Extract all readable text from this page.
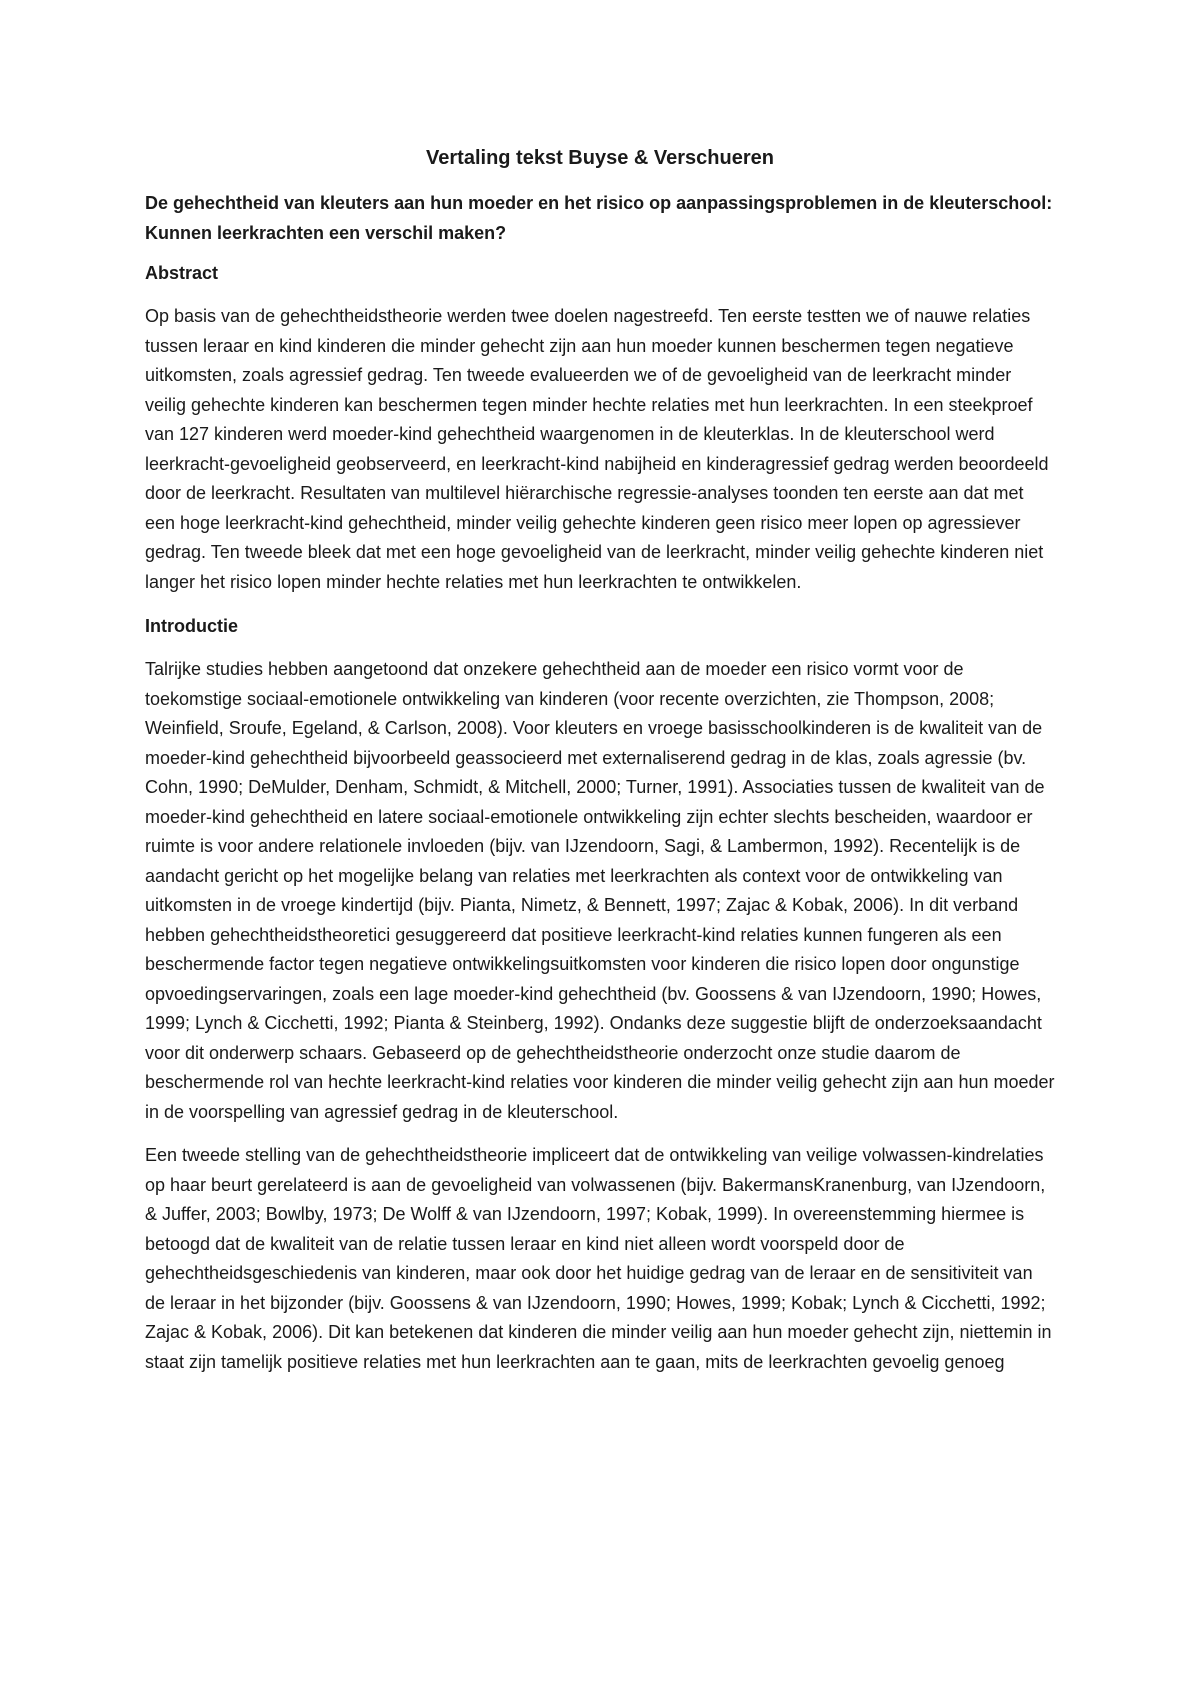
Vertaling tekst Buyse & Verschueren
De gehechtheid van kleuters aan hun moeder en het risico op aanpassingsproblemen in de kleuterschool: Kunnen leerkrachten een verschil maken?
Abstract

Op basis van de gehechtheidstheorie werden twee doelen nagestreefd. Ten eerste testten we of nauwe relaties tussen leraar en kind kinderen die minder gehecht zijn aan hun moeder kunnen beschermen tegen negatieve uitkomsten, zoals agressief gedrag. Ten tweede evalueerden we of de gevoeligheid van de leerkracht minder veilig gehechte kinderen kan beschermen tegen minder hechte relaties met hun leerkrachten. In een steekproef van 127 kinderen werd moeder-kind gehechtheid waargenomen in de kleuterklas. In de kleuterschool werd leerkracht-gevoeligheid geobserveerd, en leerkracht-kind nabijheid en kinderagressief gedrag werden beoordeeld door de leerkracht. Resultaten van multilevel hiërarchische regressie-analyses toonden ten eerste aan dat met een hoge leerkracht-kind gehechtheid, minder veilig gehechte kinderen geen risico meer lopen op agressiever gedrag. Ten tweede bleek dat met een hoge gevoeligheid van de leerkracht, minder veilig gehechte kinderen niet langer het risico lopen minder hechte relaties met hun leerkrachten te ontwikkelen.

Introductie

Talrijke studies hebben aangetoond dat onzekere gehechtheid aan de moeder een risico vormt voor de toekomstige sociaal-emotionele ontwikkeling van kinderen (voor recente overzichten, zie Thompson, 2008; Weinfield, Sroufe, Egeland, & Carlson, 2008). Voor kleuters en vroege basisschoolkinderen is de kwaliteit van de moeder-kind gehechtheid bijvoorbeeld geassocieerd met externaliserend gedrag in de klas, zoals agressie (bv. Cohn, 1990; DeMulder, Denham, Schmidt, & Mitchell, 2000; Turner, 1991). Associaties tussen de kwaliteit van de moeder-kind gehechtheid en latere sociaal-emotionele ontwikkeling zijn echter slechts bescheiden, waardoor er ruimte is voor andere relationele invloeden (bijv. van IJzendoorn, Sagi, & Lambermon, 1992). Recentelijk is de aandacht gericht op het mogelijke belang van relaties met leerkrachten als context voor de ontwikkeling van uitkomsten in de vroege kindertijd (bijv. Pianta, Nimetz, & Bennett, 1997; Zajac & Kobak, 2006). In dit verband hebben gehechtheidstheoretici gesuggereerd dat positieve leerkracht-kind relaties kunnen fungeren als een beschermende factor tegen negatieve ontwikkelingsuitkomsten voor kinderen die risico lopen door ongunstige opvoedingservaringen, zoals een lage moeder-kind gehechtheid (bv. Goossens & van IJzendoorn, 1990; Howes, 1999; Lynch & Cicchetti, 1992; Pianta & Steinberg, 1992). Ondanks deze suggestie blijft de onderzoeksaandacht voor dit onderwerp schaars. Gebaseerd op de gehechtheidstheorie onderzocht onze studie daarom de beschermende rol van hechte leerkracht-kind relaties voor kinderen die minder veilig gehecht zijn aan hun moeder in de voorspelling van agressief gedrag in de kleuterschool.

Een tweede stelling van de gehechtheidstheorie impliceert dat de ontwikkeling van veilige volwassen-kindrelaties op haar beurt gerelateerd is aan de gevoeligheid van volwassenen (bijv. BakermansKranenburg, van IJzendoorn, & Juffer, 2003; Bowlby, 1973; De Wolff & van IJzendoorn, 1997; Kobak, 1999). In overeenstemming hiermee is betoogd dat de kwaliteit van de relatie tussen leraar en kind niet alleen wordt voorspeld door de gehechtheidsgeschiedenis van kinderen, maar ook door het huidige gedrag van de leraar en de sensitiviteit van de leraar in het bijzonder (bijv. Goossens & van IJzendoorn, 1990; Howes, 1999; Kobak; Lynch & Cicchetti, 1992; Zajac & Kobak, 2006). Dit kan betekenen dat kinderen die minder veilig aan hun moeder gehecht zijn, niettemin in staat zijn tamelijk positieve relaties met hun leerkrachten aan te gaan, mits de leerkrachten gevoelig genoeg
